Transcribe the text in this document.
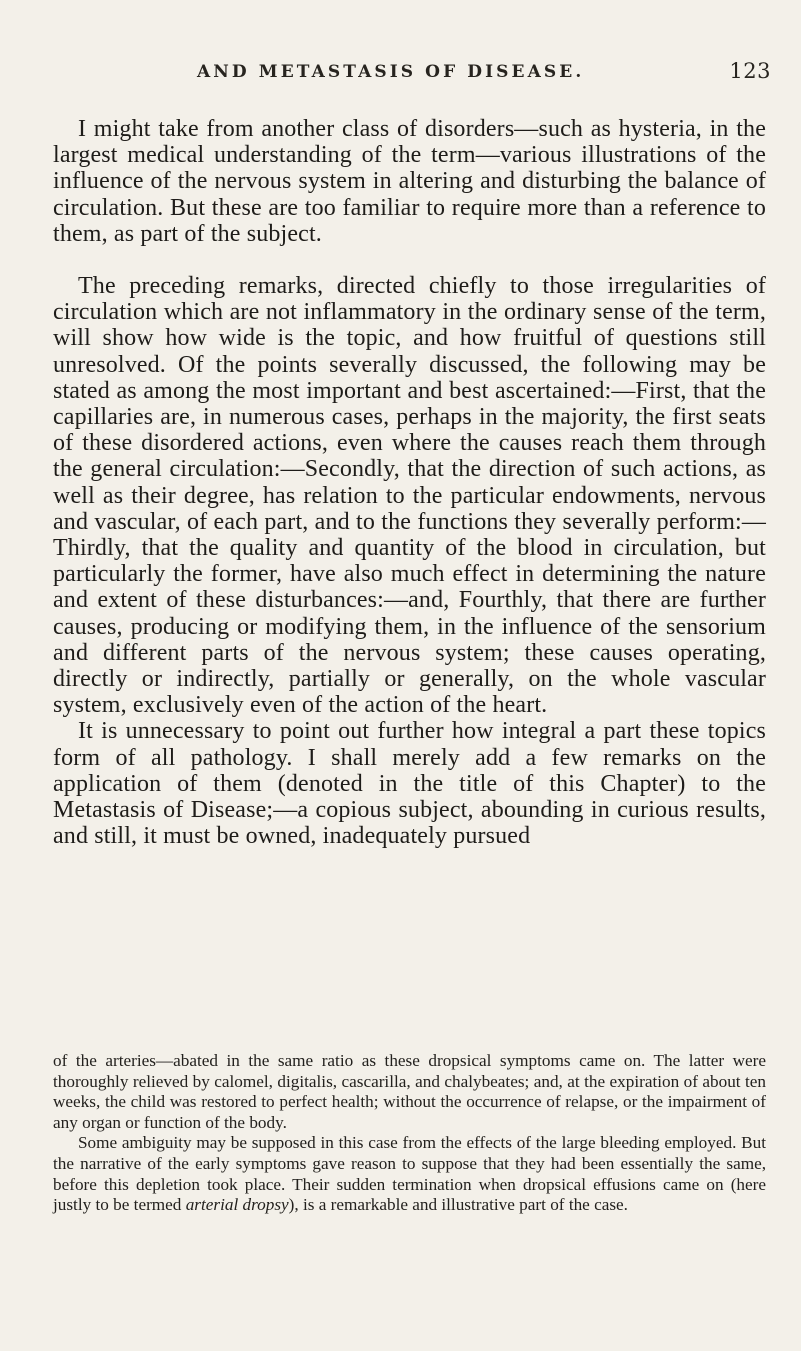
AND METASTASIS OF DISEASE.	123

I might take from another class of disorders—such as hysteria, in the largest medical understanding of the term—various illustrations of the influence of the nervous system in altering and disturbing the balance of circulation. But these are too familiar to require more than a reference to them, as part of the subject.

The preceding remarks, directed chiefly to those irregularities of circulation which are not inflammatory in the ordinary sense of the term, will show how wide is the topic, and how fruitful of questions still unresolved. Of the points severally discussed, the following may be stated as among the most important and best ascertained:—First, that the capillaries are, in numerous cases, perhaps in the majority, the first seats of these disordered actions, even where the causes reach them through the general circulation:—Secondly, that the direction of such actions, as well as their degree, has relation to the particular endowments, nervous and vascular, of each part, and to the functions they severally perform:—Thirdly, that the quality and quantity of the blood in circulation, but particularly the former, have also much effect in determining the nature and extent of these disturbances:—and, Fourthly, that there are further causes, producing or modifying them, in the influence of the sensorium and different parts of the nervous system; these causes operating, directly or indirectly, partially or generally, on the whole vascular system, exclusively even of the action of the heart.

It is unnecessary to point out further how integral a part these topics form of all pathology. I shall merely add a few remarks on the application of them (denoted in the title of this Chapter) to the Metastasis of Disease;—a copious subject, abounding in curious results, and still, it must be owned, inadequately pursued

of the arteries—abated in the same ratio as these dropsical symptoms came on. The latter were thoroughly relieved by calomel, digitalis, cascarilla, and chalybeates; and, at the expiration of about ten weeks, the child was restored to perfect health; without the occurrence of relapse, or the impairment of any organ or function of the body.

Some ambiguity may be supposed in this case from the effects of the large bleeding employed. But the narrative of the early symptoms gave reason to suppose that they had been essentially the same, before this depletion took place. Their sudden termination when dropsical effusions came on (here justly to be termed arterial dropsy), is a remarkable and illustrative part of the case.
